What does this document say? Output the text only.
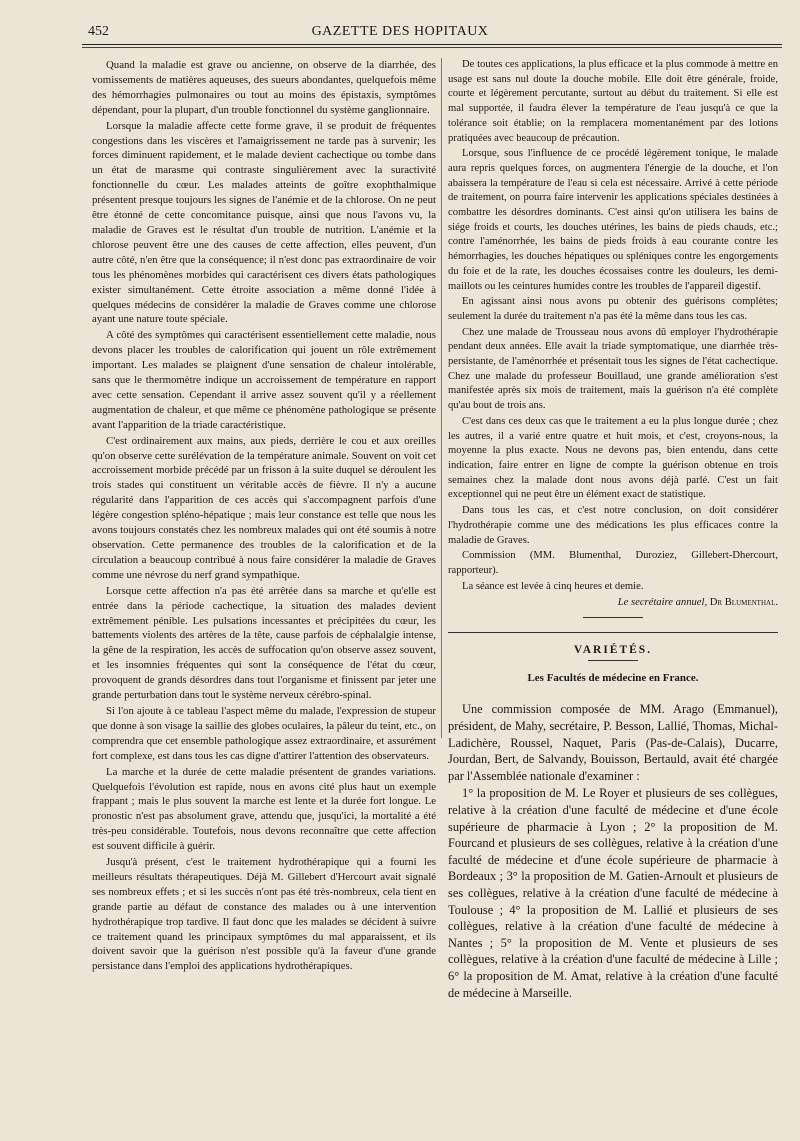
452	GAZETTE DES HOPITAUX

Quand la maladie est grave ou ancienne, on observe de la diarrhée, des vomissements de matières aqueuses, des sueurs abondantes, quelquefois même des hémorrhagies pulmonaires ou tout au moins des épistaxis, symptômes dépendant, pour la plupart, d'un trouble fonctionnel du système ganglionnaire.

Lorsque la maladie affecte cette forme grave, il se produit de fréquentes congestions dans les viscères et l'amaigrissement ne tarde pas à survenir; les forces diminuent rapidement, et le malade devient cachectique ou tombe dans un état de marasme qui contraste singulièrement avec la suractivité fonctionnelle du cœur. Les malades atteints de goître exophthalmique présentent presque toujours les signes de l'anémie et de la chlorose. On ne peut être étonné de cette concomitance puisque, ainsi que nous l'avons vu, la maladie de Graves est le résultat d'un trouble de nutrition. L'anémie et la chlorose peuvent être une des causes de cette affection, elles peuvent, d'un autre côté, n'en être que la conséquence; il n'est donc pas extraordinaire de voir tous les phénomènes morbides qui caractérisent ces divers états pathologiques exister simultanément. Cette étroite association a même donné l'idée à quelques médecins de considérer la maladie de Graves comme une chlorose ayant une nature toute spéciale.

A côté des symptômes qui caractérisent essentiellement cette maladie, nous devons placer les troubles de calorification qui jouent un rôle extrêmement important. Les malades se plaignent d'une sensation de chaleur intolérable, sans que le thermomètre indique un accroissement de température en rapport avec cette sensation. Cependant il arrive assez souvent qu'il y a réellement augmentation de chaleur, et que même ce phénomène pathologique se présente avant l'apparition de la triade caractéristique.

C'est ordinairement aux mains, aux pieds, derrière le cou et aux oreilles qu'on observe cette surélévation de la température animale. Souvent on voit cet accroissement morbide précédé par un frisson à la suite duquel se déroulent les trois stades qui constituent un véritable accès de fièvre. Il n'y a aucune régularité dans l'apparition de ces accès qui s'accompagnent parfois d'une légère congestion spléno-hépatique ; mais leur constance est telle que nous les avons toujours constatés chez les nombreux malades qui ont été soumis à notre observation. Cette permanence des troubles de la calorification et de la circulation a beaucoup contribué à nous faire considérer la maladie de Graves comme une névrose du nerf grand sympathique.

Lorsque cette affection n'a pas été arrêtée dans sa marche et qu'elle est entrée dans la période cachectique, la situation des malades devient extrêmement pénible. Les pulsations incessantes et précipitées du cœur, les battements violents des artères de la tête, cause parfois de céphalalgie intense, la gêne de la respiration, les accès de suffocation qu'on observe assez souvent, et les insomnies fréquentes qui sont la conséquence de l'état du cœur, provoquent de grands désordres dans tout l'organisme et finissent par jeter une grande perturbation dans tout le système nerveux cérébro-spinal.

Si l'on ajoute à ce tableau l'aspect même du malade, l'expression de stupeur que donne à son visage la saillie des globes oculaires, la pâleur du teint, etc., on comprendra que cet ensemble pathologique assez extraordinaire, et assurément fort complexe, est dans tous les cas digne d'attirer l'attention des observateurs.

La marche et la durée de cette maladie présentent de grandes variations. Quelquefois l'évolution est rapide, nous en avons cité plus haut un exemple frappant ; mais le plus souvent la marche est lente et la durée fort longue. Le pronostic n'est pas absolument grave, attendu que, jusqu'ici, la mortalité a été très-peu considérable. Toutefois, nous devons reconnaître que cette affection est souvent difficile à guérir.

Jusqu'à présent, c'est le traitement hydrothérapique qui a fourni les meilleurs résultats thérapeutiques. Déjà M. Gillebert d'Hercourt avait signalé ses nombreux effets ; et si les succès n'ont pas été très-nombreux, cela tient en grande partie au défaut de constance des malades ou à une intervention hydrothérapique trop tardive. Il faut donc que les malades se décident à suivre ce traitement quand les principaux symptômes du mal apparaissent, et ils doivent savoir que la guérison n'est possible qu'à la faveur d'une grande persistance dans l'emploi des applications hydrothérapiques.

De toutes ces applications, la plus efficace et la plus commode à mettre en usage est sans nul doute la douche mobile. Elle doit être générale, froide, courte et légèrement percutante, surtout au début du traitement. Si elle est mal supportée, il faudra élever la température de l'eau jusqu'à ce que la tolérance soit établie; on la remplacera momentanément par des lotions pratiquées avec beaucoup de précaution.

Lorsque, sous l'influence de ce procédé légèrement tonique, le malade aura repris quelques forces, on augmentera l'énergie de la douche, et l'on abaissera la température de l'eau si cela est nécessaire. Arrivé à cette période de traitement, on pourra faire intervenir les applications spéciales destinées à combattre les désordres dominants. C'est ainsi qu'on utilisera les bains de siége froids et courts, les douches utérines, les bains de pieds chauds, etc.; contre l'aménorrhée, les bains de pieds froids à eau courante contre les hémorrhagies, les douches hépatiques ou spléniques contre les engorgements du foie et de la rate, les douches écossaises contre les douleurs, les demi-maillots ou les ceintures humides contre les troubles de l'appareil digestif.

En agissant ainsi nous avons pu obtenir des guérisons complètes; seulement la durée du traitement n'a pas été la même dans tous les cas.

Chez une malade de Trousseau nous avons dû employer l'hydrothérapie pendant deux années. Elle avait la triade symptomatique, une diarrhée très-persistante, de l'aménorrhée et présentait tous les signes de l'état cachectique. Chez une malade du professeur Bouillaud, une grande amélioration s'est manifestée après six mois de traitement, mais la guérison n'a été complète qu'au bout de trois ans.

C'est dans ces deux cas que le traitement a eu la plus longue durée ; chez les autres, il a varié entre quatre et huit mois, et c'est, croyons-nous, la moyenne la plus exacte. Nous ne devons pas, bien entendu, dans cette indication, faire entrer en ligne de compte la guérison obtenue en trois semaines chez la malade dont nous avons déjà parlé. C'est un fait exceptionnel qui ne peut être un élément exact de statistique.

Dans tous les cas, et c'est notre conclusion, on doit considérer l'hydrothérapie comme une des médications les plus efficaces contre la maladie de Graves.

Commission (MM. Blumenthal, Duroziez, Gillebert-Dhercourt, rapporteur).

La séance est levée à cinq heures et demie.

Le secrétaire annuel, Dr Blumenthal.

VARIÉTÉS.
Les Facultés de médecine en France.

Une commission composée de MM. Arago (Emmanuel), président, de Mahy, secrétaire, P. Besson, Lallié, Thomas, Michal-Ladichère, Roussel, Naquet, Paris (Pas-de-Calais), Ducarre, Jourdan, Bert, de Salvandy, Bouisson, Bertauld, avait été chargée par l'Assemblée nationale d'examiner :

1° la proposition de M. Le Royer et plusieurs de ses collègues, relative à la création d'une faculté de médecine et d'une école supérieure de pharmacie à Lyon ; 2° la proposition de M. Fourcand et plusieurs de ses collègues, relative à la création d'une faculté de médecine et d'une école supérieure de pharmacie à Bordeaux ; 3° la proposition de M. Gatien-Arnoult et plusieurs de ses collègues, relative à la création d'une faculté de médecine à Toulouse ; 4° la proposition de M. Lallié et plusieurs de ses collègues, relative à la création d'une faculté de médecine à Nantes ; 5° la proposition de M. Vente et plusieurs de ses collègues, relative à la création d'une faculté de médecine à Lille ; 6° la proposition de M. Amat, relative à la création d'une faculté de médecine à Marseille.
